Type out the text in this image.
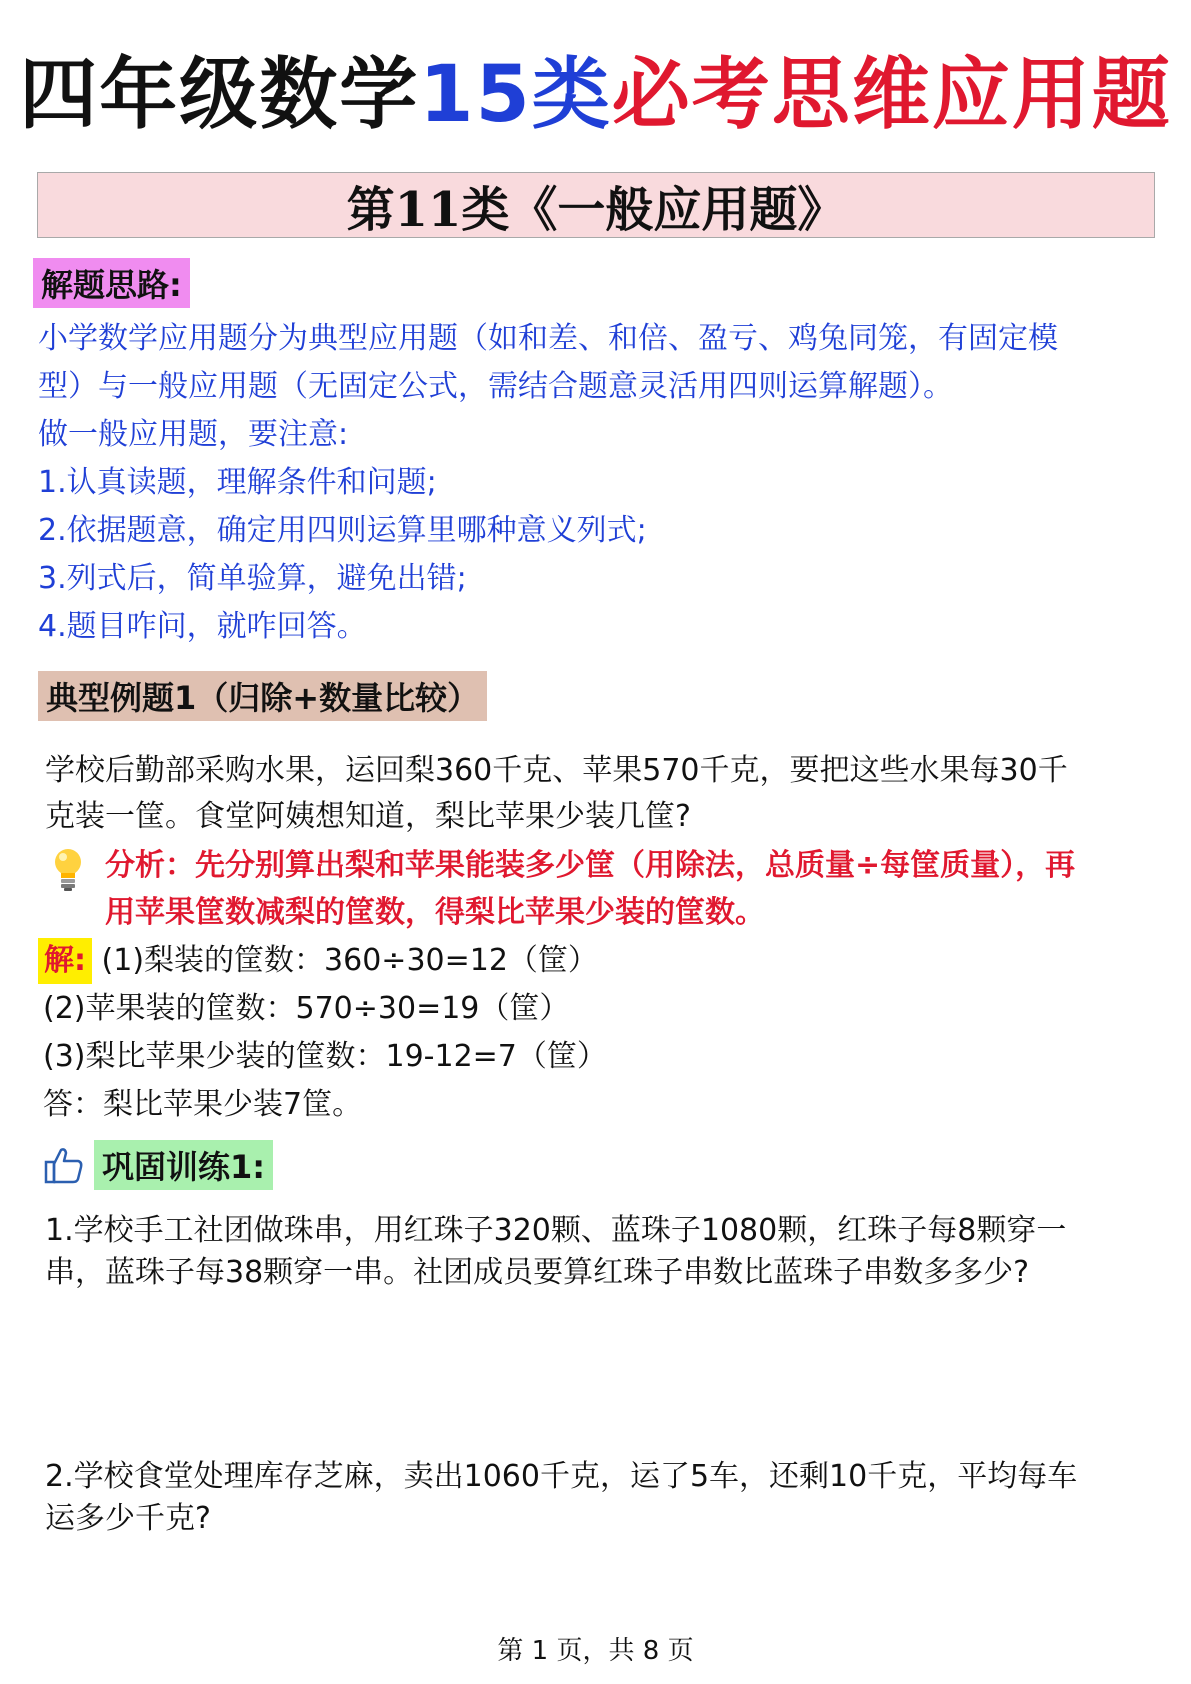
四年级数学15类必考思维应用题
第11类《一般应用题》
解题思路:
小学数学应用题分为典型应用题（如和差、和倍、盈亏、鸡兔同笼，有固定模
型）与一般应用题（无固定公式，需结合题意灵活用四则运算解题）。
做一般应用题，要注意:
1.认真读题，理解条件和问题;
2.依据题意，确定用四则运算里哪种意义列式;
3.列式后，简单验算，避免出错;
4.题目咋问，就咋回答。
典型例题1（归除+数量比较）
学校后勤部采购水果，运回梨360千克、苹果570千克，要把这些水果每30千
克装一筐。食堂阿姨想知道，梨比苹果少装几筐?
分析：先分别算出梨和苹果能装多少筐（用除法，总质量÷每筐质量），再
用苹果筐数减梨的筐数，得梨比苹果少装的筐数。
解: (1)梨装的筐数：360÷30=12（筐）
(2)苹果装的筐数：570÷30=19（筐）
(3)梨比苹果少装的筐数：19-12=7（筐）
答：梨比苹果少装7筐。
巩固训练1:
1.学校手工社团做珠串，用红珠子320颗、蓝珠子1080颗，红珠子每8颗穿一
串，蓝珠子每38颗穿一串。社团成员要算红珠子串数比蓝珠子串数多多少?
2.学校食堂处理库存芝麻，卖出1060千克，运了5车，还剩10千克，平均每车
运多少千克?
第 1 页，共 8 页
